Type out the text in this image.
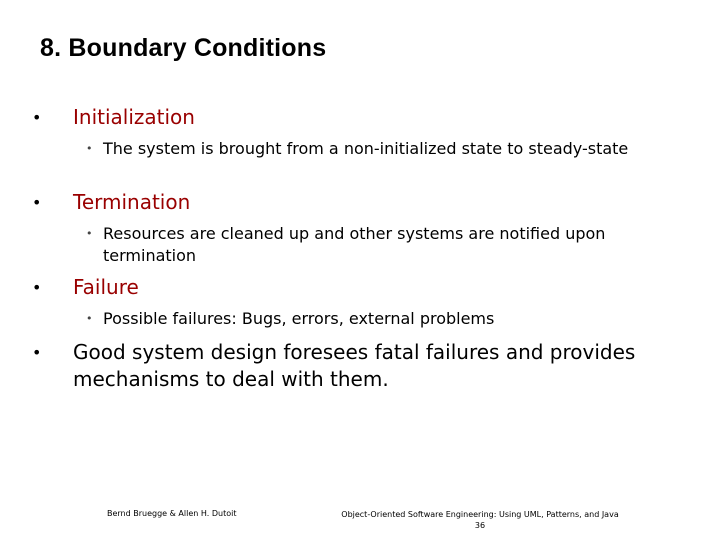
8. Boundary Conditions
• Initialization
• The system is brought from a non-initialized state to steady-state
• Termination
• Resources are cleaned up and other systems are notified upon termination
• Failure
• Possible failures: Bugs, errors, external problems
• Good system design foresees fatal failures and provides mechanisms to deal with them.
Bernd Bruegge & Allen H. Dutoit	Object-Oriented Software Engineering: Using UML, Patterns, and Java
36
